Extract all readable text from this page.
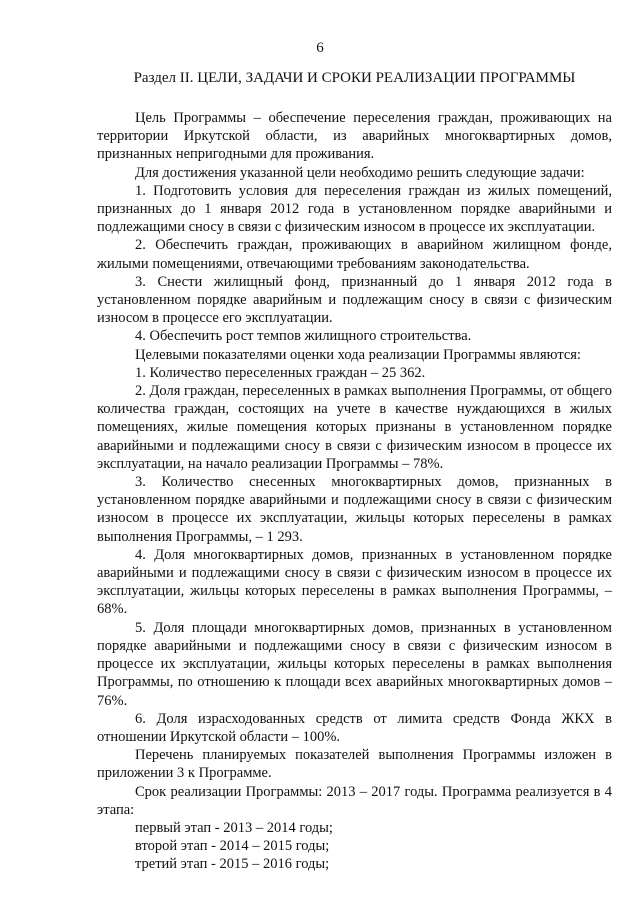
6
Раздел II. ЦЕЛИ, ЗАДАЧИ И СРОКИ РЕАЛИЗАЦИИ ПРОГРАММЫ

Цель Программы – обеспечение переселения граждан, проживающих на территории Иркутской области, из аварийных многоквартирных домов, признанных непригодными для проживания.

Для достижения указанной цели необходимо решить следующие задачи:

1. Подготовить условия для переселения граждан из жилых помещений, признанных до 1 января 2012 года в установленном порядке аварийными и подлежащими сносу в связи с физическим износом в процессе их эксплуатации.

2. Обеспечить граждан, проживающих в аварийном жилищном фонде, жилыми помещениями, отвечающими требованиям законодательства.

3. Снести жилищный фонд, признанный до 1 января 2012 года в установленном порядке аварийным и подлежащим сносу в связи с физическим износом в процессе его эксплуатации.

4. Обеспечить рост темпов жилищного строительства.

Целевыми показателями оценки хода реализации Программы являются:

1. Количество переселенных граждан – 25 362.

2. Доля граждан, переселенных в рамках выполнения Программы, от общего количества граждан, состоящих на учете в качестве нуждающихся в жилых помещениях, жилые помещения которых признаны в установленном порядке аварийными и подлежащими сносу в связи с физическим износом в процессе их эксплуатации, на начало реализации Программы – 78%.

3. Количество снесенных многоквартирных домов, признанных в установленном порядке аварийными и подлежащими сносу в связи с физическим износом в процессе их эксплуатации, жильцы которых переселены в рамках выполнения Программы, – 1 293.

4. Доля многоквартирных домов, признанных в установленном порядке аварийными и подлежащими сносу в связи с физическим износом в процессе их эксплуатации, жильцы которых переселены в рамках выполнения Программы, – 68%.

5. Доля площади многоквартирных домов, признанных в установленном порядке аварийными и подлежащими сносу в связи с физическим износом в процессе их эксплуатации, жильцы которых переселены в рамках выполнения Программы, по отношению к площади всех аварийных многоквартирных домов – 76%.

6. Доля израсходованных средств от лимита средств Фонда ЖКХ в отношении Иркутской области – 100%.

Перечень планируемых показателей выполнения Программы изложен в приложении 3 к Программе.

Срок реализации Программы: 2013 – 2017 годы. Программа реализуется в 4 этапа:

первый этап - 2013 – 2014 годы;

второй этап - 2014 – 2015 годы;

третий этап - 2015 – 2016 годы;
